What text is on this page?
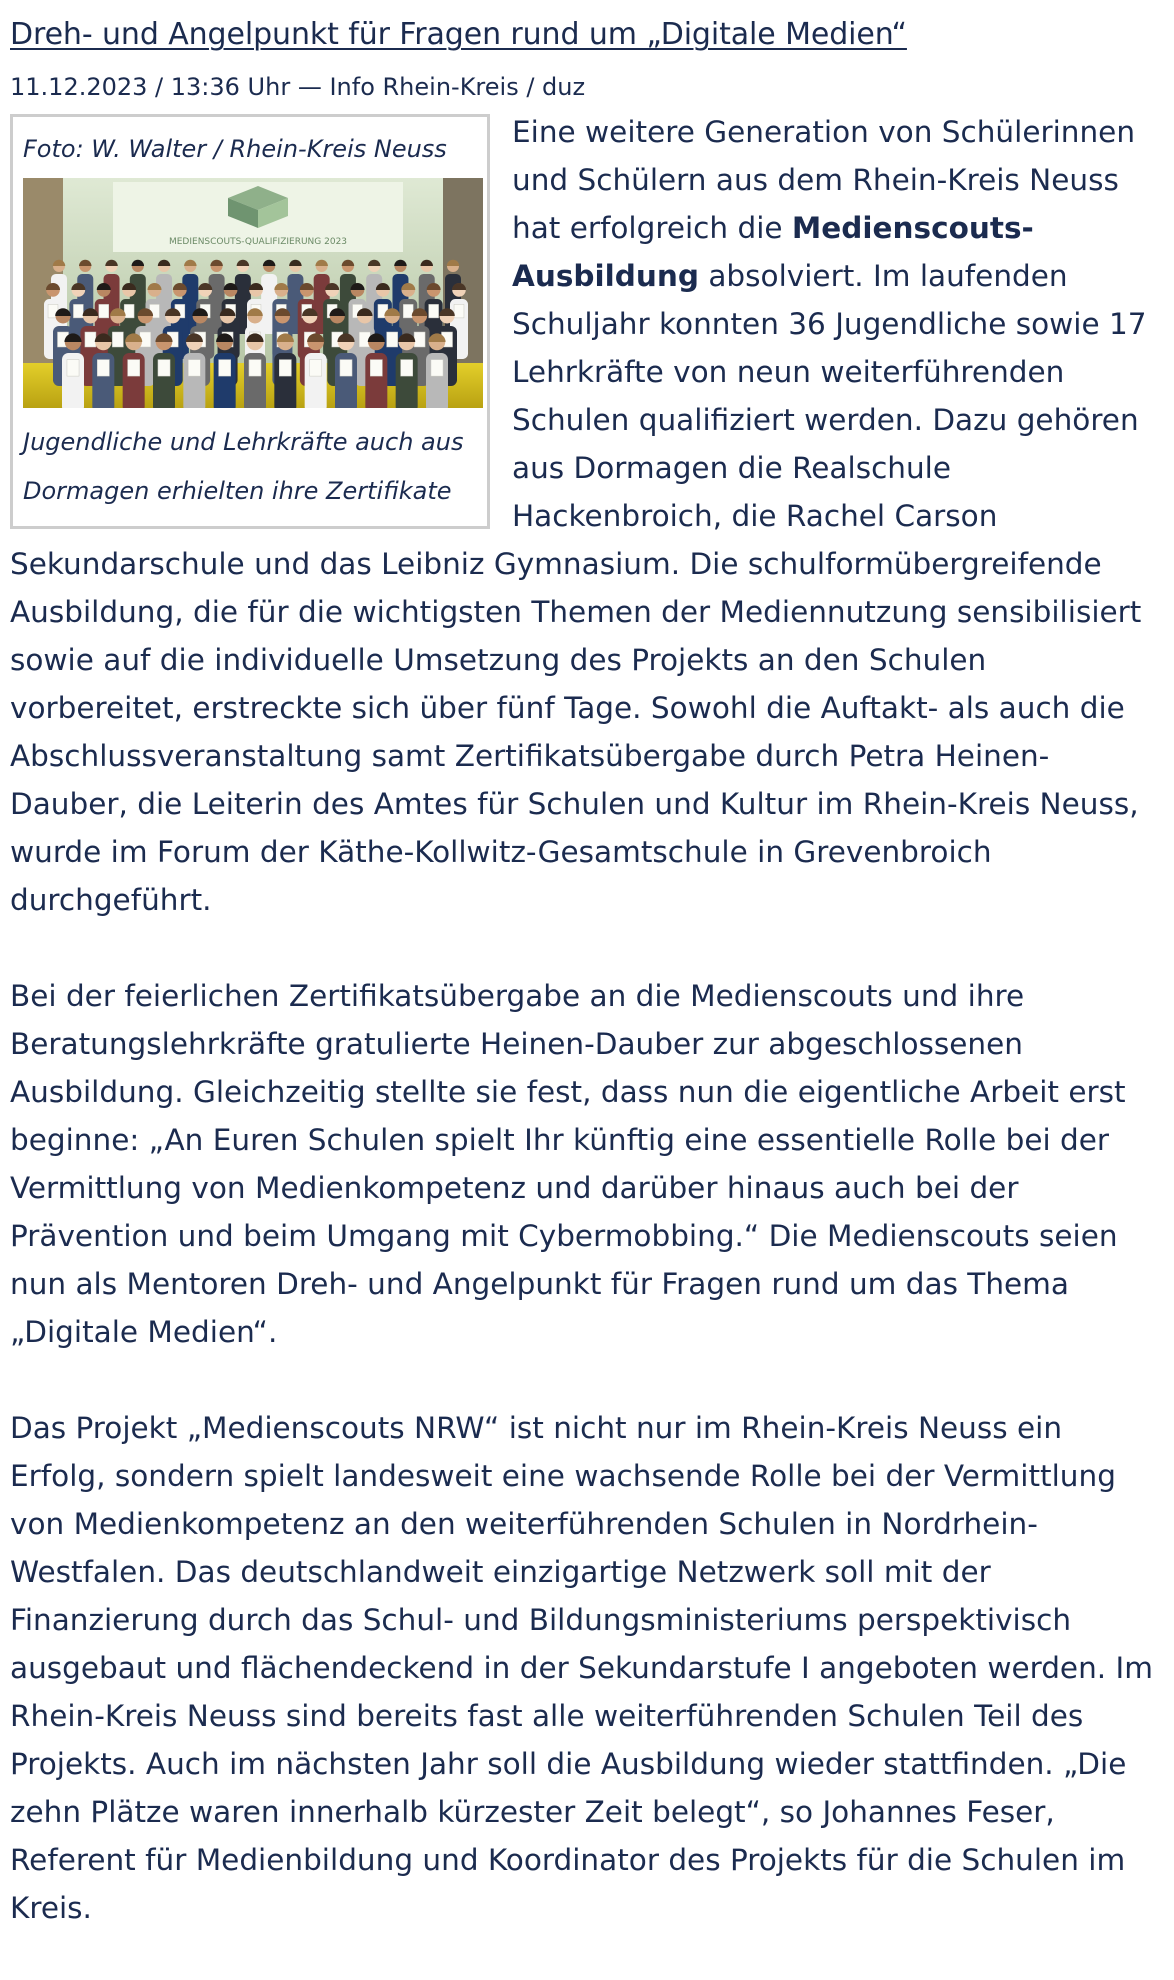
Dreh- und Angelpunkt für Fragen rund um „Digitale Medien“
11.12.2023 / 13:36 Uhr — Info Rhein-Kreis / duz

Foto: W. Walter / Rhein-Kreis Neuss

MEDIENSCOUTS-QUALIFIZIERUNG 2023

Jugendliche und Lehrkräfte auch aus Dormagen erhielten ihre Zertifikate

Eine weitere Generation von Schülerinnen und Schülern aus dem Rhein-Kreis Neuss hat erfolgreich die Medienscouts-Ausbildung absolviert. Im laufenden Schuljahr konnten 36 Jugendliche sowie 17 Lehrkräfte von neun weiterführenden Schulen qualifiziert werden. Dazu gehören aus Dormagen die Realschule Hackenbroich, die Rachel Carson Sekundarschule und das Leibniz Gymnasium. Die schulformübergreifende Ausbildung, die für die wichtigsten Themen der Mediennutzung sensibilisiert sowie auf die individuelle Umsetzung des Projekts an den Schulen vorbereitet, erstreckte sich über fünf Tage. Sowohl die Auftakt- als auch die Abschlussveranstaltung samt Zertifikatsübergabe durch Petra Heinen-Dauber, die Leiterin des Amtes für Schulen und Kultur im Rhein-Kreis Neuss, wurde im Forum der Käthe-Kollwitz-Gesamtschule in Grevenbroich durchgeführt.

Bei der feierlichen Zertifikatsübergabe an die Medienscouts und ihre Beratungslehrkräfte gratulierte Heinen-Dauber zur abgeschlossenen Ausbildung. Gleichzeitig stellte sie fest, dass nun die eigentliche Arbeit erst beginne: „An Euren Schulen spielt Ihr künftig eine essentielle Rolle bei der Vermittlung von Medienkompetenz und darüber hinaus auch bei der Prävention und beim Umgang mit Cybermobbing.“ Die Medienscouts seien nun als Mentoren Dreh- und Angelpunkt für Fragen rund um das Thema „Digitale Medien“.

Das Projekt „Medienscouts NRW“ ist nicht nur im Rhein-Kreis Neuss ein Erfolg, sondern spielt landesweit eine wachsende Rolle bei der Vermittlung von Medienkompetenz an den weiterführenden Schulen in Nordrhein-Westfalen. Das deutschlandweit einzigartige Netzwerk soll mit der Finanzierung durch das Schul- und Bildungsministeriums perspektivisch ausgebaut und flächendeckend in der Sekundarstufe I angeboten werden. Im Rhein-Kreis Neuss sind bereits fast alle weiterführenden Schulen Teil des Projekts. Auch im nächsten Jahr soll die Ausbildung wieder stattfinden. „Die zehn Plätze waren innerhalb kürzester Zeit belegt“, so Johannes Feser, Referent für Medienbildung und Koordinator des Projekts für die Schulen im Kreis.
